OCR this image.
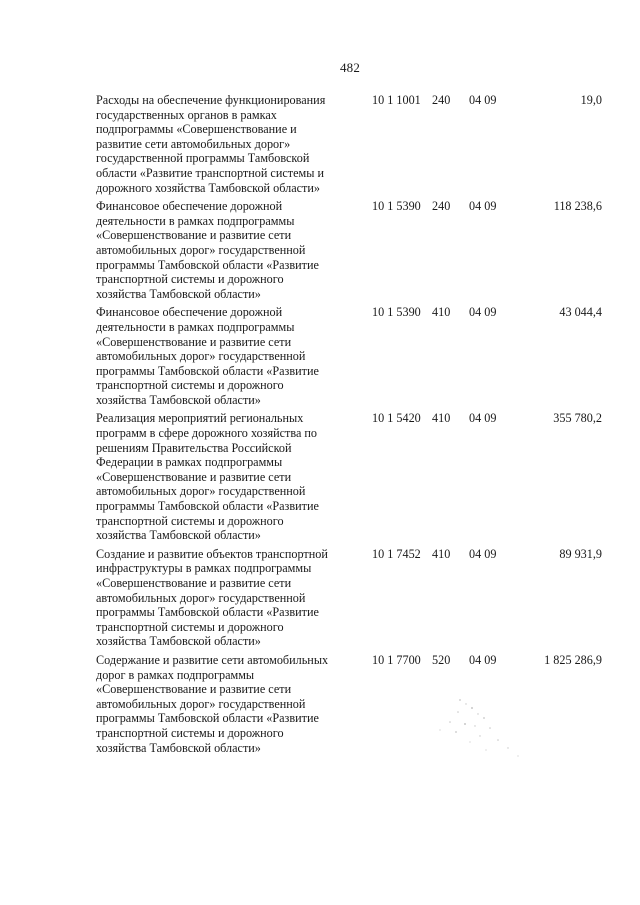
482
Расходы на обеспечение функционирования
государственных органов в рамках
подпрограммы «Совершенствование и
развитие сети автомобильных дорог»
государственной программы Тамбовской
области «Развитие транспортной системы и
дорожного хозяйства Тамбовской области»
10 1 1001 240 04 09	19,0
Финансовое обеспечение дорожной
деятельности в рамках подпрограммы
«Совершенствование и развитие сети
автомобильных дорог» государственной
программы Тамбовской области «Развитие
транспортной системы и дорожного
хозяйства Тамбовской области»
10 1 5390 240 04 09	118 238,6
Финансовое обеспечение дорожной
деятельности в рамках подпрограммы
«Совершенствование и развитие сети
автомобильных дорог» государственной
программы Тамбовской области «Развитие
транспортной системы и дорожного
хозяйства Тамбовской области»
10 1 5390 410 04 09	43 044,4
Реализация мероприятий региональных
программ в сфере дорожного хозяйства по
решениям Правительства Российской
Федерации в рамках подпрограммы
«Совершенствование и развитие сети
автомобильных дорог» государственной
программы Тамбовской области «Развитие
транспортной системы и дорожного
хозяйства Тамбовской области»
10 1 5420 410 04 09	355 780,2
Создание и развитие объектов транспортной
инфраструктуры в рамках подпрограммы
«Совершенствование и развитие сети
автомобильных дорог» государственной
программы Тамбовской области «Развитие
транспортной системы и дорожного
хозяйства Тамбовской области»
10 1 7452 410 04 09	89 931,9
Содержание и развитие сети автомобильных
дорог в рамках подпрограммы
«Совершенствование и развитие сети
автомобильных дорог» государственной
программы Тамбовской области «Развитие
транспортной системы и дорожного
хозяйства Тамбовской области»
10 1 7700 520 04 09	1 825 286,9
